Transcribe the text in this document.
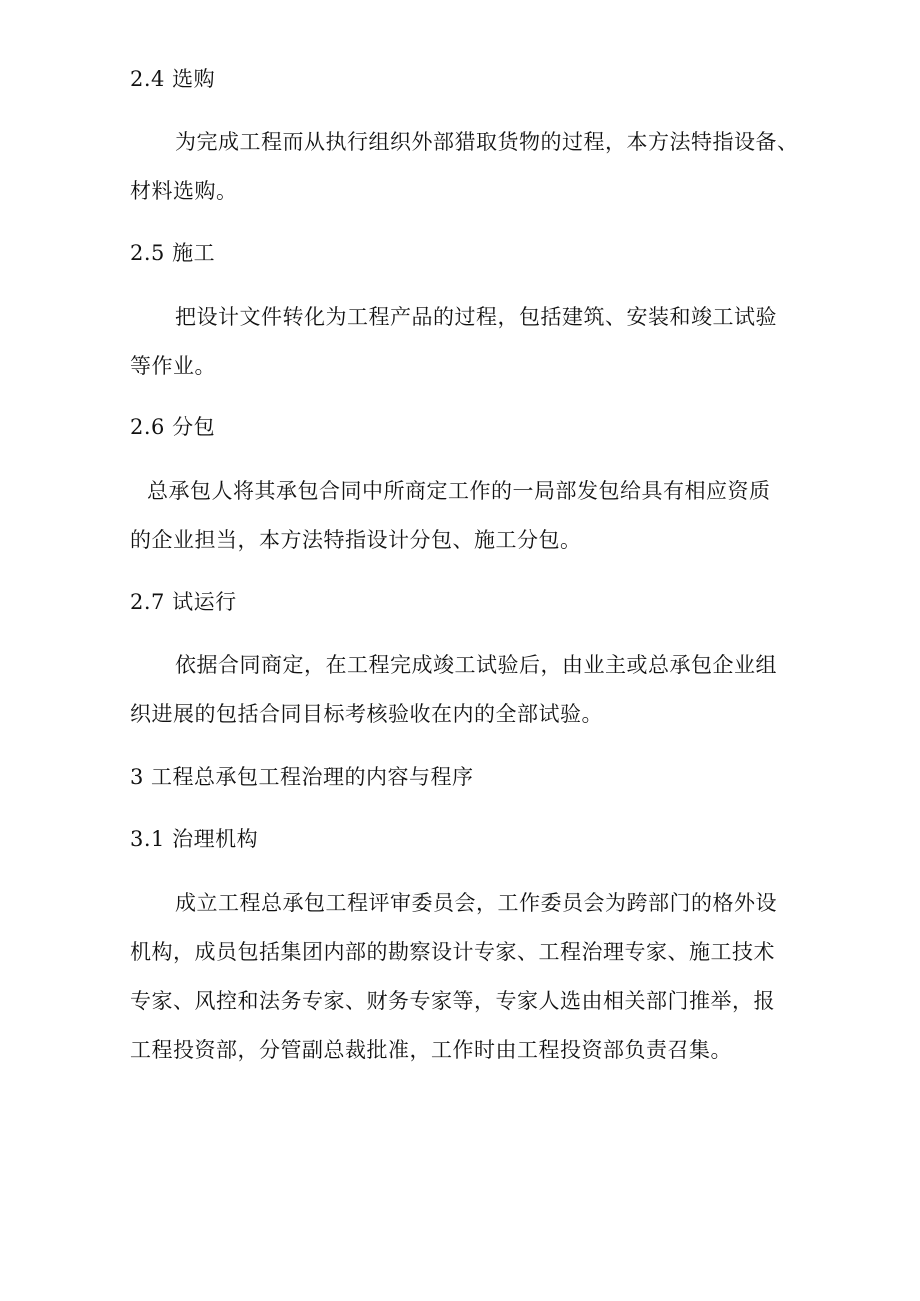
2.4 选购
为完成工程而从执行组织外部猎取货物的过程，本方法特指设备、
材料选购。
2.5 施工
把设计文件转化为工程产品的过程，包括建筑、安装和竣工试验
等作业。
2.6 分包
总承包人将其承包合同中所商定工作的一局部发包给具有相应资质
的企业担当，本方法特指设计分包、施工分包。
2.7 试运行
依据合同商定，在工程完成竣工试验后，由业主或总承包企业组
织进展的包括合同目标考核验收在内的全部试验。
3 工程总承包工程治理的内容与程序
3.1 治理机构
成立工程总承包工程评审委员会，工作委员会为跨部门的格外设
机构，成员包括集团内部的勘察设计专家、工程治理专家、施工技术
专家、风控和法务专家、财务专家等，专家人选由相关部门推举，报
工程投资部，分管副总裁批准，工作时由工程投资部负责召集。
